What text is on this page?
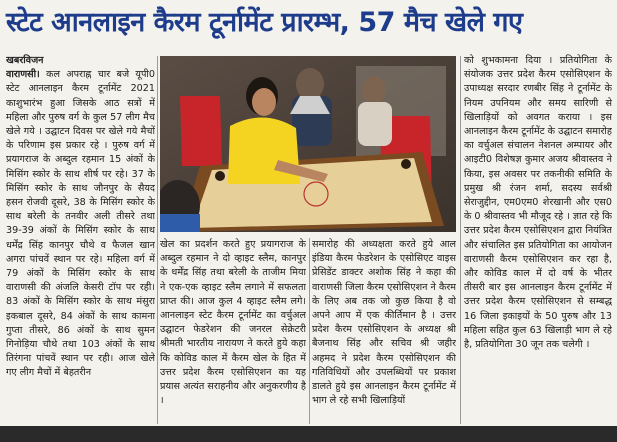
स्टेट आनलाइन कैरम टूर्नामेंट प्रारम्भ, 57 मैच खेले गए

खबरविजन

वाराणसी। कल अपराह्न चार बजे यूपी0 स्टेट आनलाइन कैरम टूर्नामेंट 2021 काशुभारंभ हुआ जिसके आठ सत्रों में महिला और पुरुष वर्ग के कुल 57 लीग मैच खेले गये । उद्घाटन दिवस पर खेले गये मैचों के परिणाम इस प्रकार रहे । पुरुष वर्ग में प्रयागराज के अब्दुल रहमान 15 अंकों के मिसिंग स्कोर के साथ शीर्ष पर रहे। 37 के मिसिंग स्कोर के साथ जौनपुर के सैयद हसन रोजवी दूसरे, 38 के मिसिंग स्कोर के साथ बरेली के तनवीर अली तीसरे तथा 39-39 अंकों के मिसिंग स्कोर के साथ धर्मेंद्र सिंह कानपुर चौथे व फैजल खान अगरा पांचवें स्थान पर रहे। महिला वर्ग में 79 अंकों के मिसिंग स्कोर के साथ वाराणसी की अंजलि केसरी टॉप पर रही। 83 अंकों के मिसिंग स्कोर के साथ मंसुरा इकबाल दूसरे, 84 अंकों के साथ कामना गुप्ता तीसरे, 86 अंकों के साथ सुमन गिनोड़िया चौथे तथा 103 अंकों के साथ तिरंगना पांचवें स्थान पर रही। आज खेले गए लीग मैचों में बेहतरीन

खेल का प्रदर्शन करते हुए प्रयागराज के अब्दुल रहमान ने दो व्हाइट स्लैम, कानपुर के धर्मेंद्र सिंह तथा बरेली के ताजीम मिया ने एक-एक व्हाइट स्लैम लगाने में सफलता प्राप्त की। आज कुल 4 व्हाइट स्लैम लगे। आनलाइन स्टेट कैरम टूर्नामेंट का वर्चुअल उद्घाटन फेडरेशन की जनरल सेक्रेटरी श्रीमती भारतीय नारायण ने करते हुये कहा कि कोविड काल में कैरम खेल के हित में उत्तर प्रदेश कैरम एसोसिएशन का यह प्रयास अत्यंत सराहनीय और अनुकरणीय है ।

समारोह की अध्यक्षता करते हुये आल इंडिया कैरम फेडरेशन के एसोसिएट वाइस प्रेसिडेंट डाक्टर अशोक सिंह ने कहा की वाराणसी जिला कैरम एसोसिएशन ने कैरम के लिए अब तक जो कुछ किया है वो अपने आप में एक कीर्तिमान है । उत्तर प्रदेश कैरम एसोसिएशन के अध्यक्ष श्री बैजनाथ सिंह और सचिव श्री जहीर अहमद ने प्रदेश कैरम एसोसिएशन की गतिविधियों और उपलब्धियों पर प्रकाश डालते हुये इस आनलाइन कैरम टूर्नामेंट में भाग ले रहे सभी खिलाड़ियों

को शुभकामना दिया । प्रतियोगिता के संयोजक उत्तर प्रदेश कैरम एसोसिएशन के उपाध्यक्ष सरदार रणबीर सिंह ने टूर्नामेंट के नियम उपनियम और समय सारिणी से खिलाड़ियों को अवगत कराया । इस आनलाइन कैरम टूर्नामेंट के उद्घाटन समारोह का वर्चुअल संचालन नेशनल अम्पायर और आइटी0 विशेषज्ञ कुमार अजय श्रीवास्तव ने किया, इस अवसर पर तकनीकी समिति के प्रमुख श्री रंजन शर्मा, सदस्य सर्वश्री सेराजुद्दीन, एम0एम0 शेरखानी और एस0 के 0 श्रीवास्तव भी मौजूद रहे । ज्ञात रहे कि उत्तर प्रदेश कैरम एसोसिएशन द्वारा नियंत्रित और संचालित इस प्रतियोगिता का आयोजन वाराणसी कैरम एसोसिएशन कर रहा है, और कोविड काल में दो वर्ष के भीतर तीसरी बार इस आनलाइन कैरम टूर्नामेंट में उत्तर प्रदेश कैरम एसोसिएशन से सम्बद्ध 16 जिला इकाइयों के 50 पुरुष और 13 महिला सहित कुल 63 खिलाड़ी भाग ले रहे है, प्रतियोगिता 30 जून तक चलेगी ।
